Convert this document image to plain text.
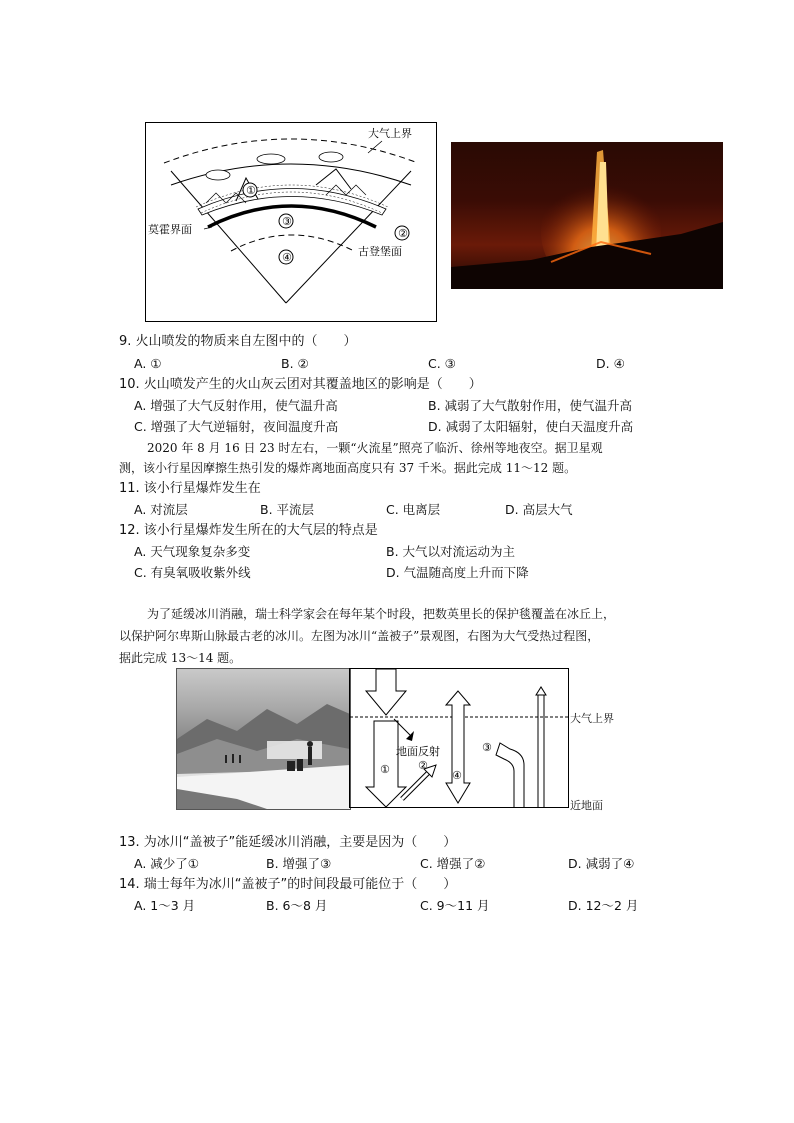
①
②
③
④
大气上界
莫霍界面
古登堡面
9. 火山喷发的物质来自左图中的（　　）
A. ①	B. ②	C. ③	D. ④
10. 火山喷发产生的火山灰云团对其覆盖地区的影响是（　　）
A. 增强了大气反射作用，使气温升高	B. 减弱了大气散射作用，使气温升高
C. 增强了大气逆辐射，夜间温度升高	D. 减弱了太阳辐射，使白天温度升高
2020 年 8 月 16 日 23 时左右，一颗“火流星”照亮了临沂、徐州等地夜空。据卫星观
测，该小行星因摩擦生热引发的爆炸离地面高度只有 37 千米。据此完成 11～12 题。
11. 该小行星爆炸发生在
A. 对流层	B. 平流层	C. 电离层	D. 高层大气
12. 该小行星爆炸发生所在的大气层的特点是
A. 天气现象复杂多变	B. 大气以对流运动为主
C. 有臭氧吸收紫外线	D. 气温随高度上升而下降
为了延缓冰川消融，瑞士科学家会在每年某个时段，把数英里长的保护毯覆盖在冰丘上，
以保护阿尔卑斯山脉最古老的冰川。左图为冰川“盖被子”景观图，右图为大气受热过程图，
据此完成 13～14 题。
①	②
③
④
地面反射
大气上界
近地面
13. 为冰川“盖被子”能延缓冰川消融，主要是因为（　　）
A. 减少了①	B. 增强了③	C. 增强了②	D. 减弱了④
14. 瑞士每年为冰川“盖被子”的时间段最可能位于（　　）
A. 1～3 月	B. 6～8 月	C. 9～11 月	D. 12～2 月
